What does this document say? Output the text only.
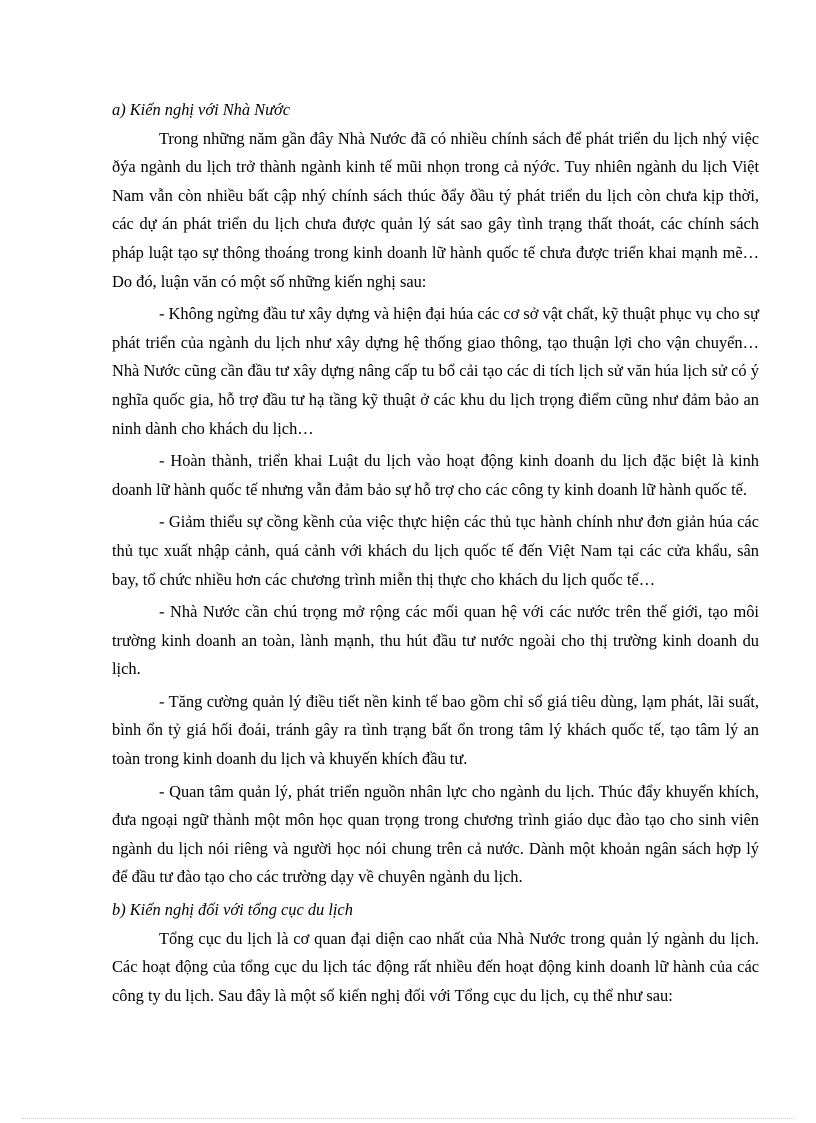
a) Kiến nghị với Nhà Nước

Trong những năm gần đây Nhà Nước đã có nhiều chính sách để phát triển du lịch nhý việc ðýa ngành du lịch trở thành ngành kinh tế mũi nhọn trong cả nýớc. Tuy nhiên ngành du lịch Việt Nam vẫn còn nhiều bất cập nhý chính sách thúc ðẩy ðầu tý phát triển du lịch còn chưa kịp thời, các dự án phát triển du lịch chưa được quản lý sát sao gây tình trạng thất thoát, các chính sách pháp luật tạo sự thông thoáng trong kinh doanh lữ hành quốc tế chưa được triển khai mạnh mẽ…Do đó, luận văn có một số những kiến nghị sau:

- Không ngừng đầu tư xây dựng và hiện đại húa các cơ sở vật chất, kỹ thuật phục vụ cho sự phát triển của ngành du lịch như xây dựng hệ thống giao thông, tạo thuận lợi cho vận chuyển…Nhà Nước cũng cần đầu tư xây dựng nâng cấp tu bổ cải tạo các di tích lịch sử văn húa lịch sử có ý nghĩa quốc gia, hỗ trợ đầu tư hạ tầng kỹ thuật ở các khu du lịch trọng điểm cũng như đảm bảo an ninh dành cho khách du lịch…

- Hoàn thành, triển khai Luật du lịch vào hoạt động kinh doanh du lịch đặc biệt là kinh doanh lữ hành quốc tế nhưng vẫn đảm bảo sự hỗ trợ cho các công ty kinh doanh lữ hành quốc tế.

- Giảm thiểu sự cồng kềnh của việc thực hiện các thủ tục hành chính như đơn giản húa các thủ tục xuất nhập cảnh, quá cảnh với khách du lịch quốc tế đến Việt Nam tại các cửa khẩu, sân bay, tổ chức nhiều hơn các chương trình miễn thị thực cho khách du lịch quốc tế…

- Nhà Nước cần chú trọng mở rộng các mối quan hệ với các nước trên thế giới, tạo môi trường kinh doanh an toàn, lành mạnh, thu hút đầu tư nước ngoài cho thị trường kinh doanh du lịch.

- Tăng cường quản lý điều tiết nền kinh tế bao gồm chỉ số giá tiêu dùng, lạm phát, lãi suất, bình ổn tỷ giá hối đoái, tránh gây ra tình trạng bất ổn trong tâm lý khách quốc tế, tạo tâm lý an toàn trong kinh doanh du lịch và khuyến khích đầu tư.

- Quan tâm quản lý, phát triển nguồn nhân lực cho ngành du lịch. Thúc đẩy khuyến khích, đưa ngoại ngữ thành một môn học quan trọng trong chương trình giáo dục đào tạo cho sinh viên ngành du lịch nói riêng và người học nói chung trên cả nước. Dành một khoản ngân sách hợp lý để đầu tư đào tạo cho các trường dạy về chuyên ngành du lịch.

b) Kiến nghị đối với tổng cục du lịch

Tổng cục du lịch là cơ quan đại diện cao nhất của Nhà Nước trong quản lý ngành du lịch. Các hoạt động của tổng cục du lịch tác động rất nhiều đến hoạt động kinh doanh lữ hành của các công ty du lịch. Sau đây là một số kiến nghị đối với Tổng cục du lịch, cụ thể như sau:
